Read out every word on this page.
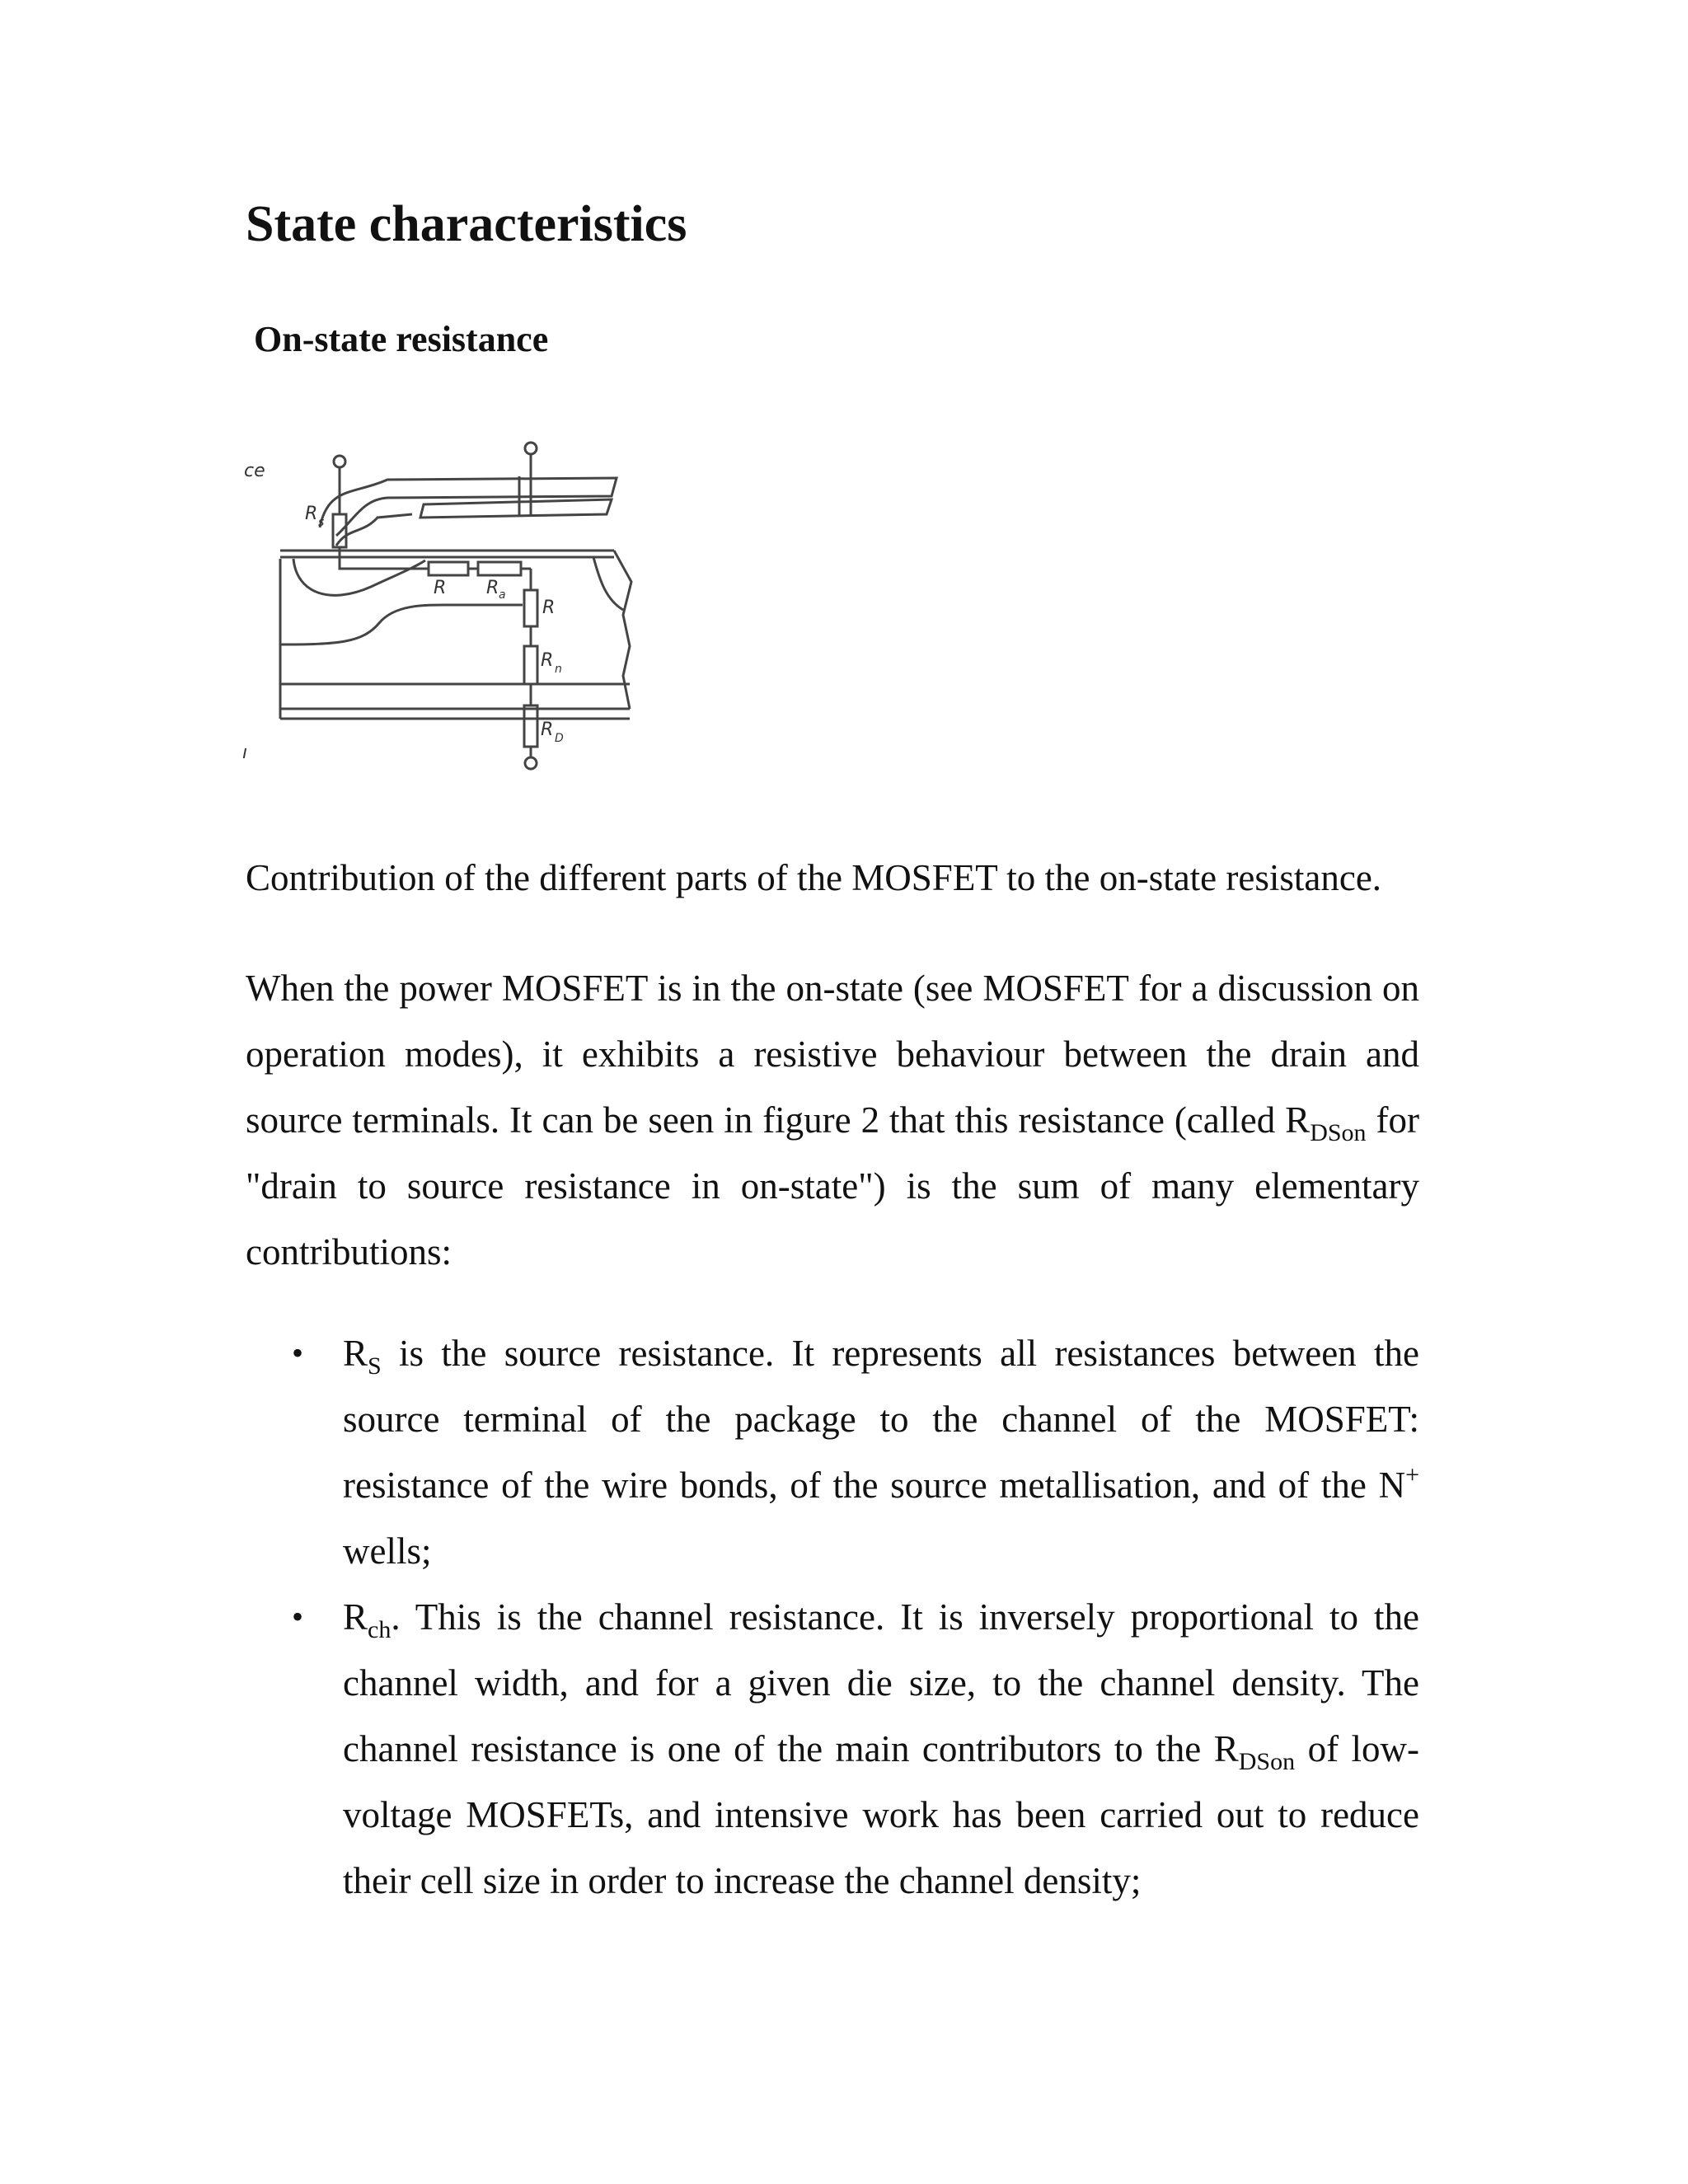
State characteristics
On-state resistance
ce
ı
R s
R R a
R
R n
R D

Contribution of the different parts of the MOSFET to the on-state resistance.

When the power MOSFET is in the on-state (see MOSFET for a discussion on operation modes), it exhibits a resistive behaviour between the drain and source terminals. It can be seen in figure 2 that this resistance (called $R_{DSon}$ for "drain to source resistance in on-state") is the sum of many elementary contributions:

• $R_S$ is the source resistance. It represents all resistances between the source terminal of the package to the channel of the MOSFET: resistance of the wire bonds, of the source metallisation, and of the N+ wells;
• $R_{ch}$. This is the channel resistance. It is inversely proportional to the channel width, and for a given die size, to the channel density. The channel resistance is one of the main contributors to the $R_{DSon}$ of low-voltage MOSFETs, and intensive work has been carried out to reduce their cell size in order to increase the channel density;
